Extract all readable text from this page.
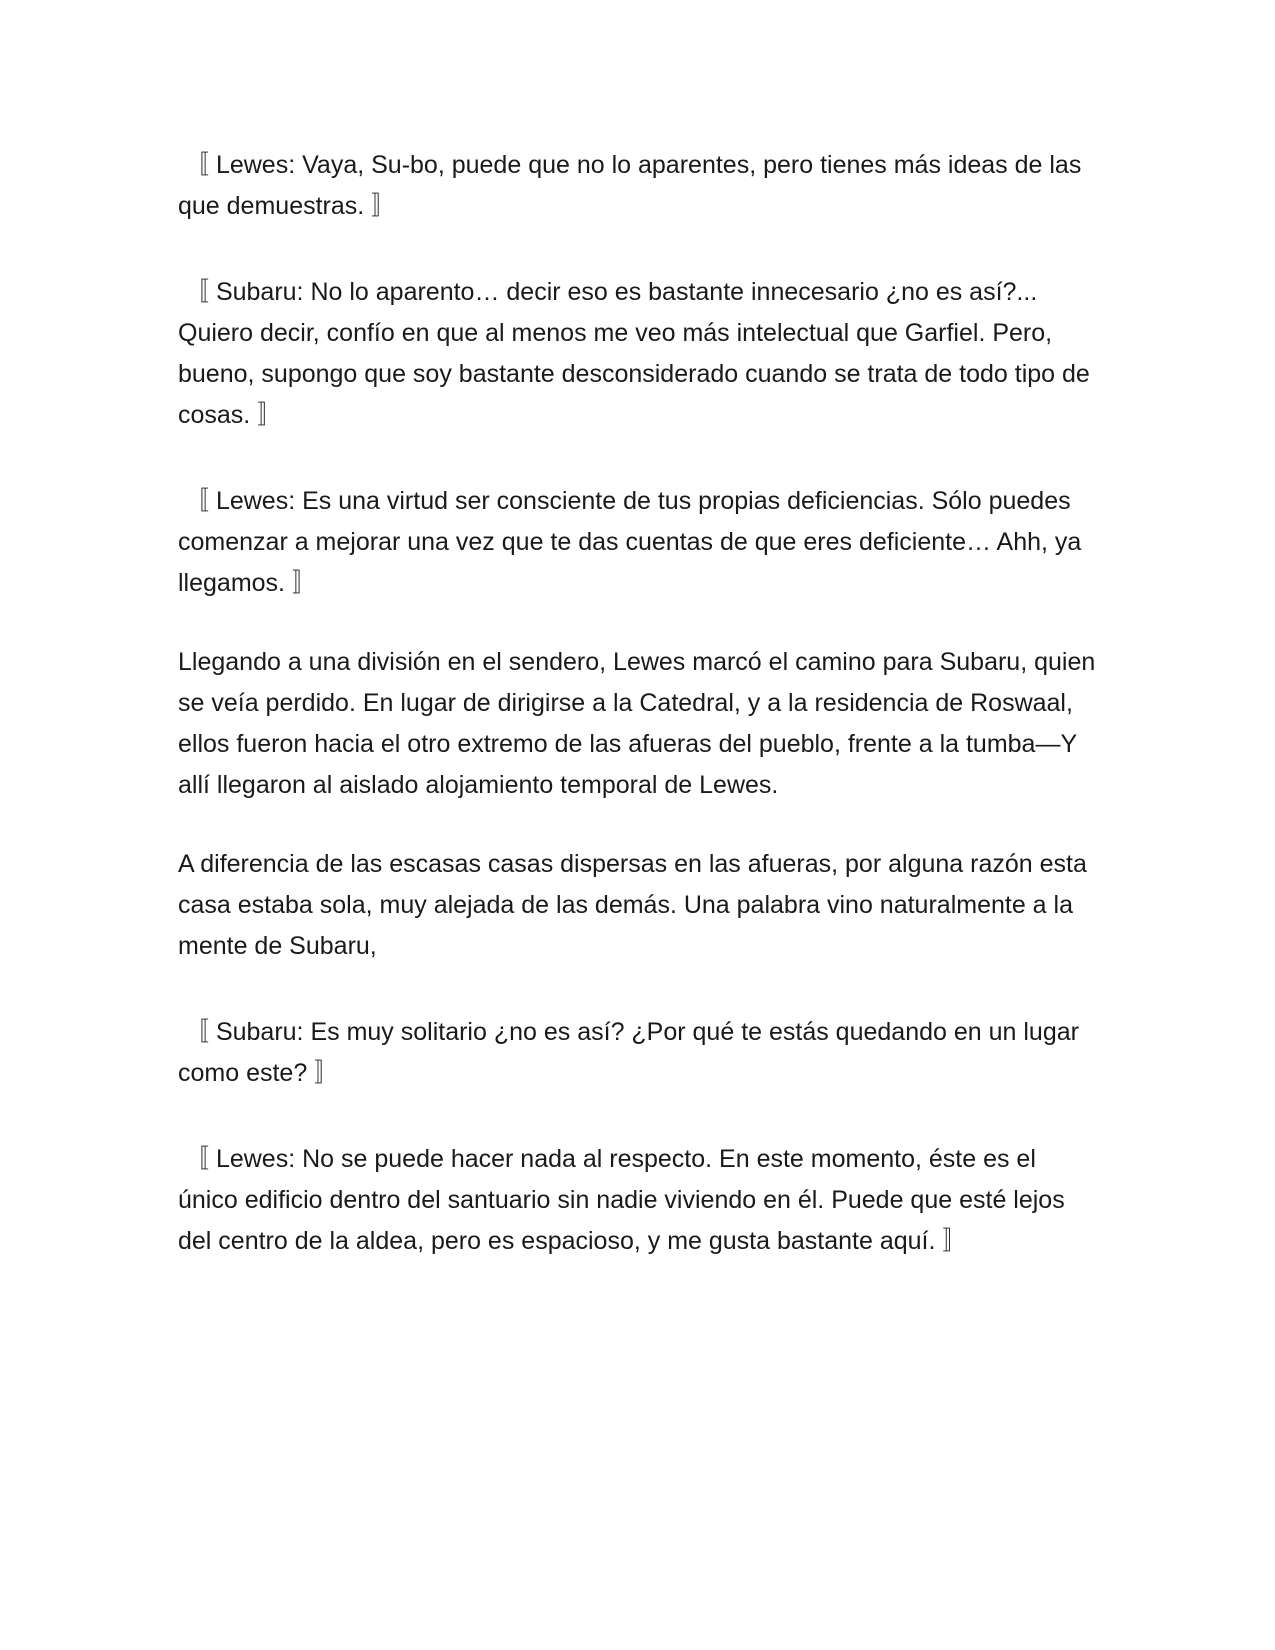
〚 Lewes: Vaya, Su-bo, puede que no lo aparentes, pero tienes más ideas de las que demuestras. 〛

〚 Subaru: No lo aparento… decir eso es bastante innecesario ¿no es así?... Quiero decir, confío en que al menos me veo más intelectual que Garfiel. Pero, bueno, supongo que soy bastante desconsiderado cuando se trata de todo tipo de cosas. 〛

〚 Lewes: Es una virtud ser consciente de tus propias deficiencias. Sólo puedes comenzar a mejorar una vez que te das cuentas de que eres deficiente… Ahh, ya llegamos. 〛

Llegando a una división en el sendero, Lewes marcó el camino para Subaru, quien se veía perdido. En lugar de dirigirse a la Catedral, y a la residencia de Roswaal, ellos fueron hacia el otro extremo de las afueras del pueblo, frente a la tumba—Y allí llegaron al aislado alojamiento temporal de Lewes.

A diferencia de las escasas casas dispersas en las afueras, por alguna razón esta casa estaba sola, muy alejada de las demás. Una palabra vino naturalmente a la mente de Subaru,

〚 Subaru: Es muy solitario ¿no es así? ¿Por qué te estás quedando en un lugar como este? 〛

〚 Lewes: No se puede hacer nada al respecto. En este momento, éste es el único edificio dentro del santuario sin nadie viviendo en él. Puede que esté lejos del centro de la aldea, pero es espacioso, y me gusta bastante aquí. 〛
